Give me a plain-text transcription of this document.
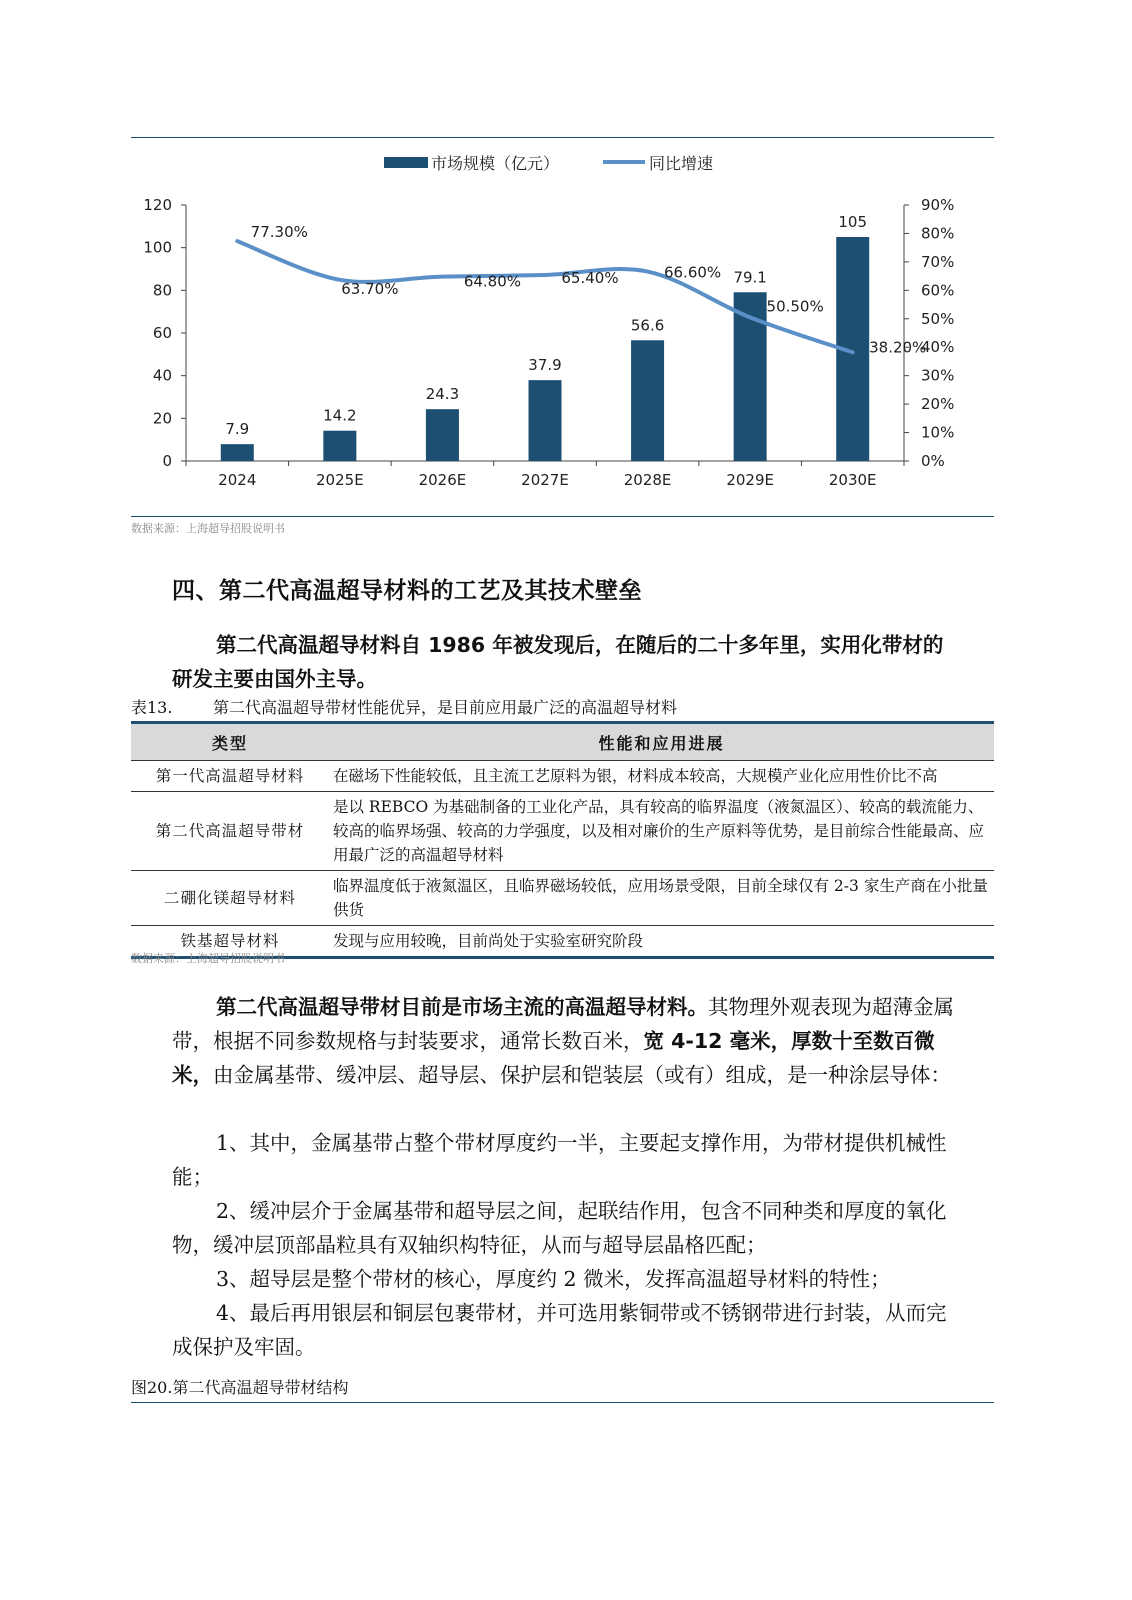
市场规模（亿元）	同比增速
0
20
40
60
80
100
120
0%
10%
20%
30%
40%
50%
60%
70%
80%
90%
2024	2025E	2026E	2027E	2028E	2029E	2030E
7.9
14.2
24.3
37.9
56.6
79.1
105
77.30%
63.70%	64.80%	65.40%	66.60%
50.50%
38.20%
数据来源：上海超导招股说明书
四、第二代高温超导材料的工艺及其技术壁垒
第二代高温超导材料自 1986 年被发现后，在随后的二十多年里，实用化带材的研发主要由国外主导。
表13.	第二代高温超导带材性能优异，是目前应用最广泛的高温超导材料
类型	性能和应用进展
第一代高温超导材料	在磁场下性能较低，且主流工艺原料为银，材料成本较高，大规模产业化应用性价比不高
第二代高温超导带材	是以 REBCO 为基础制备的工业化产品，具有较高的临界温度（液氮温区）、较高的载流能力、较高的临界场强、较高的力学强度，以及相对廉价的生产原料等优势，是目前综合性能最高、应用最广泛的高温超导材料
二硼化镁超导材料	临界温度低于液氮温区，且临界磁场较低，应用场景受限，目前全球仅有 2-3 家生产商在小批量供货
铁基超导材料	发现与应用较晚，目前尚处于实验室研究阶段
数据来源：上海超导招股说明书
第二代高温超导带材目前是市场主流的高温超导材料。其物理外观表现为超薄金属带，根据不同参数规格与封装要求，通常长数百米，宽 4-12 毫米，厚数十至数百微米，由金属基带、缓冲层、超导层、保护层和铠装层（或有）组成，是一种涂层导体：
1、其中，金属基带占整个带材厚度约一半，主要起支撑作用，为带材提供机械性能；
2、缓冲层介于金属基带和超导层之间，起联结作用，包含不同种类和厚度的氧化物，缓冲层顶部晶粒具有双轴织构特征，从而与超导层晶格匹配；
3、超导层是整个带材的核心，厚度约 2 微米，发挥高温超导材料的特性；
4、最后再用银层和铜层包裹带材，并可选用紫铜带或不锈钢带进行封装，从而完成保护及牢固。
图20.第二代高温超导带材结构
